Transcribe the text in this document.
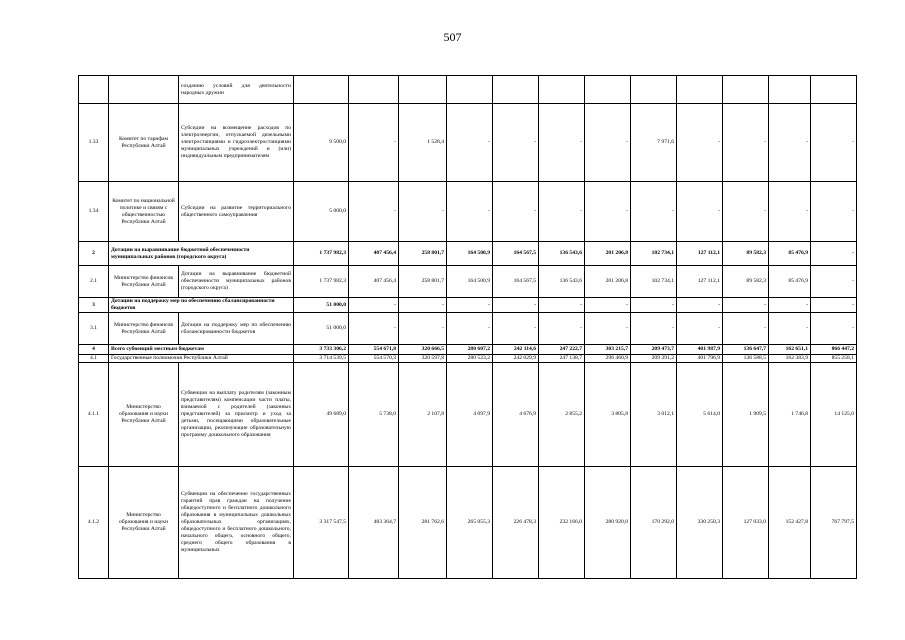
507
		созданию условий для деятельности народных дружин												
1.33	Комитет по тарифам Республики Алтай	Субсидии на возмещение расходов по электроэнергии, отпускаемой дизельными электростанциями и гидроэлектростанциями муниципальных учреждений и (или) индивидуальным предпринимателям	9 500,0	-	1 528,4	-	-	-	-	7 971,6	-	-	-	-
1.34	Комитет по национальной политике и связям с общественностью Республики Алтай	Субсидии на развитие территориального общественного самоуправления	5 000,0	-	-	-	-	-	-	-	-	-	-	-
2	Дотации на выравнивание бюджетной обеспеченности муниципальных районов (городского округа)		1 737 982,3	407 456,4	258 801,7	164 500,9	164 567,5	136 543,6	201 206,8	102 734,1	127 112,1	89 582,3	85 476,9	-
2.1	Министерство финансов Республики Алтай	Дотации на выравнивание бюджетной обеспеченности муниципальных районов (городского округа)	1 737 982,3	407 456,4	258 801,7	164 500,9	164 567,5	136 543,6	201 206,8	102 734,1	127 112,1	89 582,3	85 476,9	-
3	Дотации на поддержку мер по обеспечению сбалансированности бюджетов		51 000,0	-	-	-	-	-	-	-	-	-	-	-
3.1	Министерство финансов Республики Алтай	Дотации на поддержку мер по обеспечению сбалансированности бюджетов	51 000,0	-	-	-	-	-	-	-	-	-	-	-
4	Всего субвенций местным бюджетам		3 733 306,2	554 671,8	320 666,5	280 607,2	242 114,6	247 222,7	303 215,7	209 473,7	401 987,9	136 647,7	162 651,1	866 447,2
4.1	Государственные полномочия Республики Алтай		3 714 539,5	554 570,3	320 597,8	280 523,2	242 029,9	247 138,7	296 460,9	209 391,2	401 796,9	136 588,5	162 383,9	855 258,1
4.1.1	Министерство образования и науки Республики Алтай	Субвенции на выплату родителям (законным представителям) компенсации части платы, взимаемой с родителей (законных представителей) за присмотр и уход за детьми, посещающими образовательные организации, реализующие образовательную программу дошкольного образования	49 689,0	5 738,0	2 107,8	4 097,9	4 676,9	2 855,2	3 805,8	3 012,1	5 614,0	1 909,5	1 746,8	14 125,0
4.1.2	Министерство образования и науки Республики Алтай	Субвенции на обеспечение государственных гарантий прав граждан на получение общедоступного и бесплатного дошкольного образования в муниципальных дошкольных образовательных организациях, общедоступного и бесплатного дошкольного, начального общего, основного общего, среднего общего образования в муниципальных	3 317 547,5	483 364,7	281 762,6	265 055,3	226 478,3	232 166,0	280 920,0	170 292,0	330 250,3	127 033,0	152 427,8	767 797,5
